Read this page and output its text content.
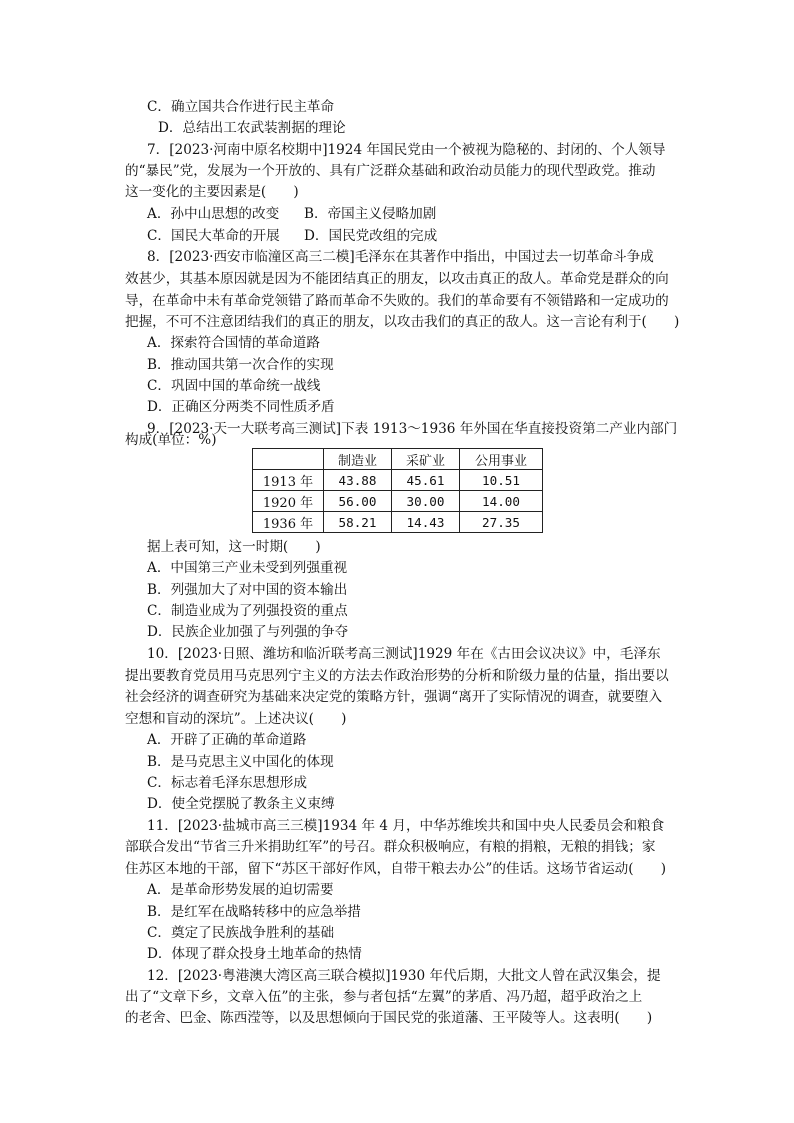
C．确立国共合作进行民主革命
D．总结出工农武装割据的理论
7．[2023·河南中原名校期中]1924 年国民党由一个被视为隐秘的、封闭的、个人领导
的“暴民”党，发展为一个开放的、具有广泛群众基础和政治动员能力的现代型政党。推动
这一变化的主要因素是(　　)
A．孙中山思想的改变 B．帝国主义侵略加剧
C．国民大革命的开展 D．国民党改组的完成
8．[2023·西安市临潼区高三二模]毛泽东在其著作中指出，中国过去一切革命斗争成
效甚少，其基本原因就是因为不能团结真正的朋友，以攻击真正的敌人。革命党是群众的向
导，在革命中未有革命党领错了路而革命不失败的。我们的革命要有不领错路和一定成功的
把握，不可不注意团结我们的真正的朋友，以攻击我们的真正的敌人。这一言论有利于(　　)
A．探索符合国情的革命道路
B．推动国共第一次合作的实现
C．巩固中国的革命统一战线
D．正确区分两类不同性质矛盾
9．[2023·天一大联考高三测试]下表 1913～1936 年外国在华直接投资第二产业内部门
构成(单位：%)
据上表可知，这一时期(　　)
A．中国第三产业未受到列强重视
B．列强加大了对中国的资本输出
C．制造业成为了列强投资的重点
D．民族企业加强了与列强的争夺
10．[2023·日照、潍坊和临沂联考高三测试]1929 年在《古田会议决议》中，毛泽东
提出要教育党员用马克思列宁主义的方法去作政治形势的分析和阶级力量的估量，指出要以
社会经济的调查研究为基础来决定党的策略方针，强调“离开了实际情况的调查，就要堕入
空想和盲动的深坑”。上述决议(　　)
A．开辟了正确的革命道路
B．是马克思主义中国化的体现
C．标志着毛泽东思想形成
D．使全党摆脱了教条主义束缚
11．[2023·盐城市高三三模]1934 年 4 月，中华苏维埃共和国中央人民委员会和粮食
部联合发出“节省三升米捐助红军”的号召。群众积极响应，有粮的捐粮，无粮的捐钱；家
住苏区本地的干部，留下“苏区干部好作风，自带干粮去办公”的佳话。这场节省运动(　　)
A．是革命形势发展的迫切需要
B．是红军在战略转移中的应急举措
C．奠定了民族战争胜利的基础
D．体现了群众投身土地革命的热情
12．[2023·粤港澳大湾区高三联合模拟]1930 年代后期，大批文人曾在武汉集会，提
出了“文章下乡，文章入伍”的主张，参与者包括“左翼”的茅盾、冯乃超，超乎政治之上
的老舍、巴金、陈西滢等，以及思想倾向于国民党的张道藩、王平陵等人。这表明(　　)
	制造业	采矿业	公用事业
1913 年	43.88	45.61	10.51
1920 年	56.00	30.00	14.00
1936 年	58.21	14.43	27.35
